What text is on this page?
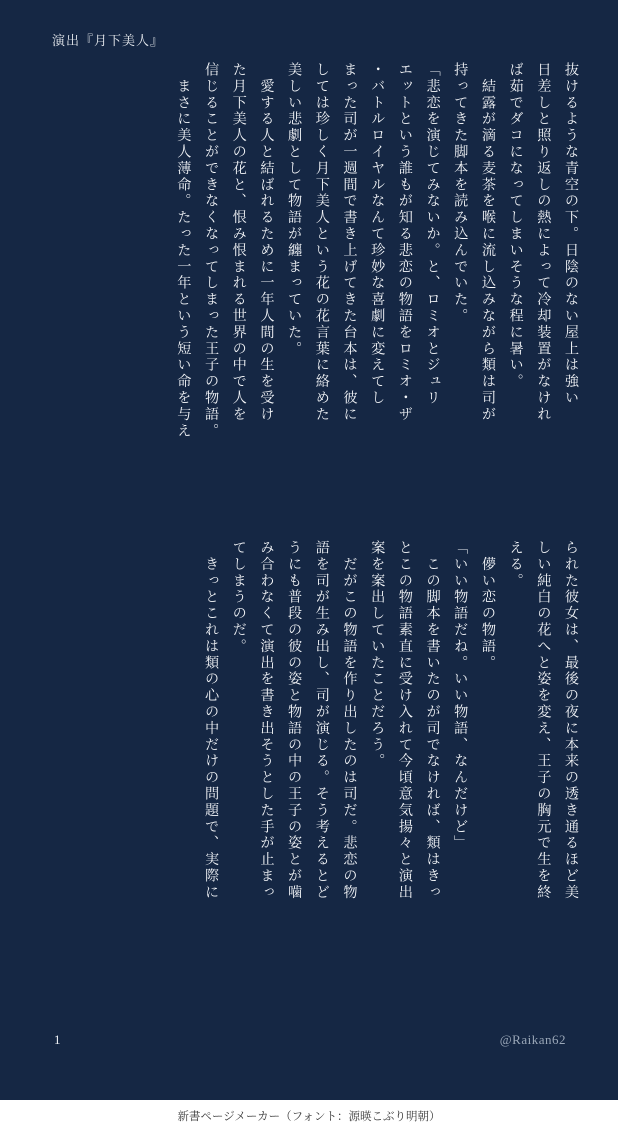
演出『月下美人』
抜けるような青空の下。日陰のない屋上は強い
日差しと照り返しの熱によって冷却装置がなけれ
ば茹でダコになってしまいそうな程に暑い。
　結露が滴る麦茶を喉に流し込みながら類は司が
持ってきた脚本を読み込んでいた。
「悲恋を演じてみないか。と、ロミオとジュリ
エットという誰もが知る悲恋の物語をロミオ・ザ
・バトルロイヤルなんて珍妙な喜劇に変えてし
まった司が一週間で書き上げてきた台本は、彼に
しては珍しく月下美人という花の花言葉に絡めた
美しい悲劇として物語が纏まっていた。
　愛する人と結ばれるために一年人間の生を受け
た月下美人の花と、恨み恨まれる世界の中で人を
信じることができなくなってしまった王子の物語。
　まさに美人薄命。たった一年という短い命を与え
1	@Raikan62
られた彼女は、最後の夜に本来の透き通るほど美
しい純白の花へと姿を変え、王子の胸元で生を終
える。
　儚い恋の物語。
「いい物語だね。いい物語、なんだけど」
　この脚本を書いたのが司でなければ、類はきっ
とこの物語素直に受け入れて今頃意気揚々と演出
案を案出していたことだろう。
　だがこの物語を作り出したのは司だ。悲恋の物
語を司が生み出し、司が演じる。そう考えるとど
うにも普段の彼の姿と物語の中の王子の姿とが噛
み合わなくて演出を書き出そうとした手が止まっ
てしまうのだ。
　きっとこれは類の心の中だけの問題で、実際に
新書ページメーカー（フォント：源暎こぶり明朝）
